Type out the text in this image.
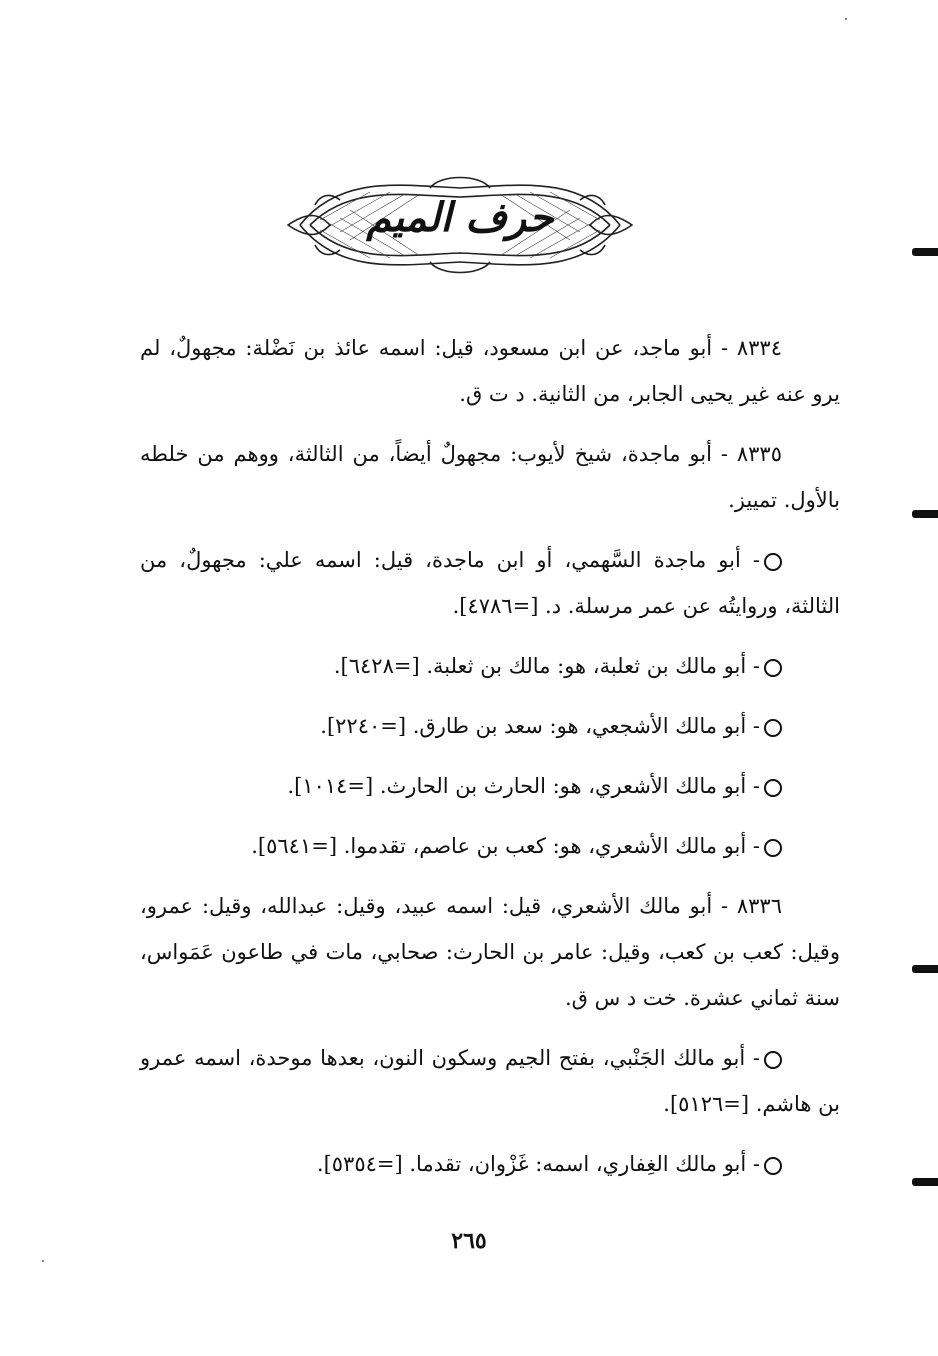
حرف الميم

٨٣٣٤ - أبو ماجد، عن ابن مسعود، قيل: اسمه عائذ بن نَضْلة: مجهولٌ، لم يرو عنه غير يحيى الجابر، من الثانية. د ت ق.

٨٣٣٥ - أبو ماجدة، شيخ لأيوب: مجهولٌ أيضاً، من الثالثة، ووهم من خلطه بالأول. تمييز.

- أبو ماجدة السَّهمي، أو ابن ماجدة، قيل: اسمه علي: مجهولٌ، من الثالثة، وروايتُه عن عمر مرسلة. د. [=٤٧٨٦].

- أبو مالك بن ثعلبة، هو: مالك بن ثعلبة. [=٦٤٢٨].

- أبو مالك الأشجعي، هو: سعد بن طارق. [=٢٢٤٠].

- أبو مالك الأشعري، هو: الحارث بن الحارث. [=١٠١٤].

- أبو مالك الأشعري، هو: كعب بن عاصم، تقدموا. [=٥٦٤١].

٨٣٣٦ - أبو مالك الأشعري، قيل: اسمه عبيد، وقيل: عبدالله، وقيل: عمرو، وقيل: كعب بن كعب، وقيل: عامر بن الحارث: صحابي، مات في طاعون عَمَواس، سنة ثماني عشرة. خت د س ق.

- أبو مالك الجَنْبي، بفتح الجيم وسكون النون، بعدها موحدة، اسمه عمرو بن هاشم. [=٥١٢٦].

- أبو مالك الغِفاري، اسمه: غَزْوان، تقدما. [=٥٣٥٤].

٢٦٥
